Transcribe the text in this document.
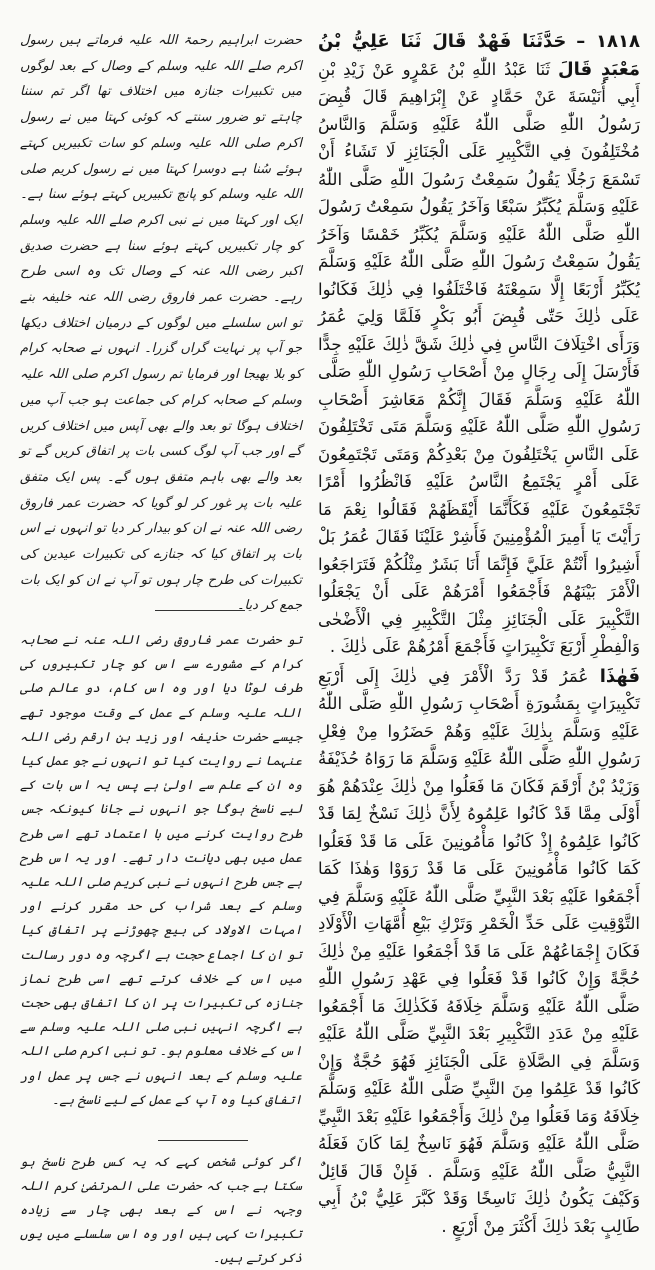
١٨١٨ – حَدَّثَنَا فَهْدٌ قَالَ ثَنَا عَلِيُّ بْنُ مَعْبَدٍ قَالَ ثَنَا عَبْدُ اللّٰهِ بْنُ عَمْرٍو عَنْ زَيْدِ بْنِ أَبِي أُنَيْسَةَ عَنْ حَمَّادٍ عَنْ إِبْرَاهِيمَ قَالَ قُبِضَ رَسُولُ اللّٰهِ صَلَّى اللّٰهُ عَلَيْهِ وَسَلَّمَ وَالنَّاسُ مُخْتَلِفُونَ فِي التَّكْبِيرِ عَلَى الْجَنَائِزِ لَا تَشَاءُ أَنْ تَسْمَعَ رَجُلًا يَقُولُ سَمِعْتُ رَسُولَ اللّٰهِ صَلَّى اللّٰهُ عَلَيْهِ وَسَلَّمَ يُكَبِّرُ سَبْعًا وَآخَرُ يَقُولُ سَمِعْتُ رَسُولَ اللّٰهِ صَلَّى اللّٰهُ عَلَيْهِ وَسَلَّمَ يُكَبِّرُ خَمْسًا وَآخَرُ يَقُولُ سَمِعْتُ رَسُولَ اللّٰهِ صَلَّى اللّٰهُ عَلَيْهِ وَسَلَّمَ يُكَبِّرُ أَرْبَعًا إِلَّا سَمِعْتَهُ فَاخْتَلَفُوا فِي ذٰلِكَ فَكَانُوا عَلَى ذٰلِكَ حَتّٰى قُبِضَ أَبُو بَكْرٍ فَلَمَّا وَلِيَ عُمَرُ وَرَأَى اخْتِلَافَ النَّاسِ فِي ذٰلِكَ شَقَّ ذٰلِكَ عَلَيْهِ جِدًّا فَأَرْسَلَ إِلَى رِجَالٍ مِنْ أَصْحَابِ رَسُولِ اللّٰهِ صَلَّى اللّٰهُ عَلَيْهِ وَسَلَّمَ فَقَالَ إِنَّكُمْ مَعَاشِرَ أَصْحَابِ رَسُولِ اللّٰهِ صَلَّى اللّٰهُ عَلَيْهِ وَسَلَّمَ مَتَى تَخْتَلِفُونَ عَلَى النَّاسِ يَخْتَلِفُونَ مِنْ بَعْدِكُمْ وَمَتَى تَجْتَمِعُونَ عَلَى أَمْرٍ يَجْتَمِعُ النَّاسُ عَلَيْهِ فَانْظُرُوا أَمْرًا تَجْتَمِعُونَ عَلَيْهِ فَكَأَنَّمَا أَيْقَظَهُمْ فَقَالُوا نِعْمَ مَا رَأَيْتَ يَا أَمِيرَ الْمُؤْمِنِينَ فَأَشِرْ عَلَيْنَا فَقَالَ عُمَرُ بَلْ أَشِيرُوا أَنْتُمْ عَلَيَّ فَإِنَّمَا أَنَا بَشَرٌ مِثْلُكُمْ فَتَرَاجَعُوا الْأَمْرَ بَيْنَهُمْ فَأَجْمَعُوا أَمْرَهُمْ عَلَى أَنْ يَجْعَلُوا التَّكْبِيرَ عَلَى الْجَنَائِزِ مِثْلَ التَّكْبِيرِ فِي الْأَضْحٰى وَالْفِطْرِ أَرْبَعَ تَكْبِيرَاتٍ فَأَجْمَعَ أَمْرُهُمْ عَلَى ذٰلِكَ .

فَهٰذَا عُمَرُ قَدْ رَدَّ الْأَمْرَ فِي ذٰلِكَ إِلَى أَرْبَعِ تَكْبِيرَاتٍ بِمَشُورَةِ أَصْحَابِ رَسُولِ اللّٰهِ صَلَّى اللّٰهُ عَلَيْهِ وَسَلَّمَ بِذٰلِكَ عَلَيْهِ وَهُمْ حَضَرُوا مِنْ فِعْلِ رَسُولِ اللّٰهِ صَلَّى اللّٰهُ عَلَيْهِ وَسَلَّمَ مَا رَوَاهُ حُذَيْفَةُ وَزَيْدُ بْنُ أَرْقَمَ فَكَانَ مَا فَعَلُوا مِنْ ذٰلِكَ عِنْدَهُمْ هُوَ أَوْلَى مِمَّا قَدْ كَانُوا عَلِمُوهُ لِأَنَّ ذٰلِكَ نَسْخٌ لِمَا قَدْ كَانُوا عَلِمُوهُ إِذْ كَانُوا مَأْمُونِينَ عَلَى مَا قَدْ فَعَلُوا كَمَا كَانُوا مَأْمُونِينَ عَلَى مَا قَدْ رَوَوْا وَهٰذَا كَمَا أَجْمَعُوا عَلَيْهِ بَعْدَ النَّبِيِّ صَلَّى اللّٰهُ عَلَيْهِ وَسَلَّمَ فِي التَّوْقِيتِ عَلَى حَدِّ الْخَمْرِ وَتَرْكِ بَيْعِ أُمَّهَاتِ الْأَوْلَادِ فَكَانَ إِجْمَاعُهُمْ عَلَى مَا قَدْ أَجْمَعُوا عَلَيْهِ مِنْ ذٰلِكَ حُجَّةً وَإِنْ كَانُوا قَدْ فَعَلُوا فِي عَهْدِ رَسُولِ اللّٰهِ صَلَّى اللّٰهُ عَلَيْهِ وَسَلَّمَ خِلَافَهُ فَكَذٰلِكَ مَا أَجْمَعُوا عَلَيْهِ مِنْ عَدَدِ التَّكْبِيرِ بَعْدَ النَّبِيِّ صَلَّى اللّٰهُ عَلَيْهِ وَسَلَّمَ فِي الصَّلَاةِ عَلَى الْجَنَائِزِ فَهُوَ حُجَّةٌ وَإِنْ كَانُوا قَدْ عَلِمُوا مِنَ النَّبِيِّ صَلَّى اللّٰهُ عَلَيْهِ وَسَلَّمَ خِلَافَهُ وَمَا فَعَلُوا مِنْ ذٰلِكَ وَأَجْمَعُوا عَلَيْهِ بَعْدَ النَّبِيِّ صَلَّى اللّٰهُ عَلَيْهِ وَسَلَّمَ فَهُوَ نَاسِخٌ لِمَا كَانَ فَعَلَهُ النَّبِيُّ صَلَّى اللّٰهُ عَلَيْهِ وَسَلَّمَ . فَإِنْ قَالَ قَائِلٌ وَكَيْفَ يَكُونُ ذٰلِكَ نَاسِخًا وَقَدْ كَبَّرَ عَلِيُّ بْنُ أَبِي طَالِبٍ بَعْدَ ذٰلِكَ أَكْثَرَ مِنْ أَرْبَعٍ .

حضرت ابراہیم رحمۃ اللہ علیہ فرماتے ہیں رسول اکرم صلے اللہ علیہ وسلم کے وصال کے بعد لوگوں میں تکبیرات جنازہ میں اختلاف تھا اگر تم سننا چاہتے تو ضرور سنتے کہ کوئی کہتا میں نے رسول اکرم صلی اللہ علیہ وسلم کو سات تکبیریں کہتے ہوئے سُنا ہے دوسرا کہتا میں نے رسول کریم صلی اللہ علیہ وسلم کو پانچ تکبیریں کہتے ہوئے سنا ہے۔ ایک اور کہتا میں نے نبی اکرم صلے اللہ علیہ وسلم کو چار تکبیریں کہتے ہوئے سنا ہے حضرت صدیق اکبر رضی اللہ عنہ کے وصال تک وہ اسی طرح رہے۔ حضرت عمر فاروق رضی اللہ عنہ خلیفہ بنے تو اس سلسلے میں لوگوں کے درمیان اختلاف دیکھا جو آپ پر نہایت گراں گزرا۔ انہوں نے صحابہ کرام کو بلا بھیجا اور فرمایا تم رسول اکرم صلی اللہ علیہ وسلم کے صحابہ کرام کی جماعت ہو جب آپ میں اختلاف ہوگا تو بعد والے بھی آپس میں اختلاف کریں گے اور جب آپ لوگ کسی بات پر اتفاق کریں گے تو بعد والے بھی باہم متفق ہوں گے۔ پس ایک متفق علیہ بات پر غور کر لو گویا کہ حضرت عمر فاروق رضی اللہ عنہ نے ان کو بیدار کر دیا تو انہوں نے اس بات پر اتفاق کیا کہ جنازے کی تکبیرات عیدین کی تکبیرات کی طرح چار ہوں تو آپ نے ان کو ایک بات جمع کر دیا۔
تو حضرت عمر فاروق رضی اللہ عنہ نے صحابہ کرام کے مشورے سے اس کو چار تکبیروں کی طرف لوٹا دیا اور وہ اس کام، دو عالم صلی اللہ علیہ وسلم کے عمل کے وقت موجود تھے جیسے حضرت حذیفہ اور زید بن ارقم رضی اللہ عنہما نے روایت کیا تو انہوں نے جو عمل کیا وہ ان کے علم سے اولیٰ ہے پس یہ اس بات کے لیے ناسخ ہوگا جو انہوں نے جانا کیونکہ جس طرح روایت کرنے میں با اعتماد تھے اسی طرح عمل میں بھی دیانت دار تھے۔ اور یہ اس طرح ہے جس طرح انہوں نے نبی کریم صلی اللہ علیہ وسلم کے بعد شراب کی حد مقرر کرنے اور امہات الاولاد کی بیع چھوڑنے پر اتفاق کیا تو ان کا اجماع حجت ہے اگرچہ وہ دور رسالت میں اس کے خلاف کرتے تھے اسی طرح نماز جنازہ کی تکبیرات پر ان کا اتفاق بھی حجت ہے اگرچہ انہیں نبی صلی اللہ علیہ وسلم سے اس کے خلاف معلوم ہو۔ تو نبی اکرم صلی اللہ علیہ وسلم کے بعد انہوں نے جس پر عمل اور اتفاق کیا وہ آپ کے عمل کے لیے ناسخ ہے۔
اگر کوئی شخص کہے کہ یہ کس طرح ناسخ ہو سکتا ہے جب کہ حضرت علی المرتضیٰ کرم اللہ وجہہ نے اس کے بعد بھی چار سے زیادہ تکبیرات کہی ہیں اور وہ اس سلسلے میں یوں ذکر کرتے ہیں۔
